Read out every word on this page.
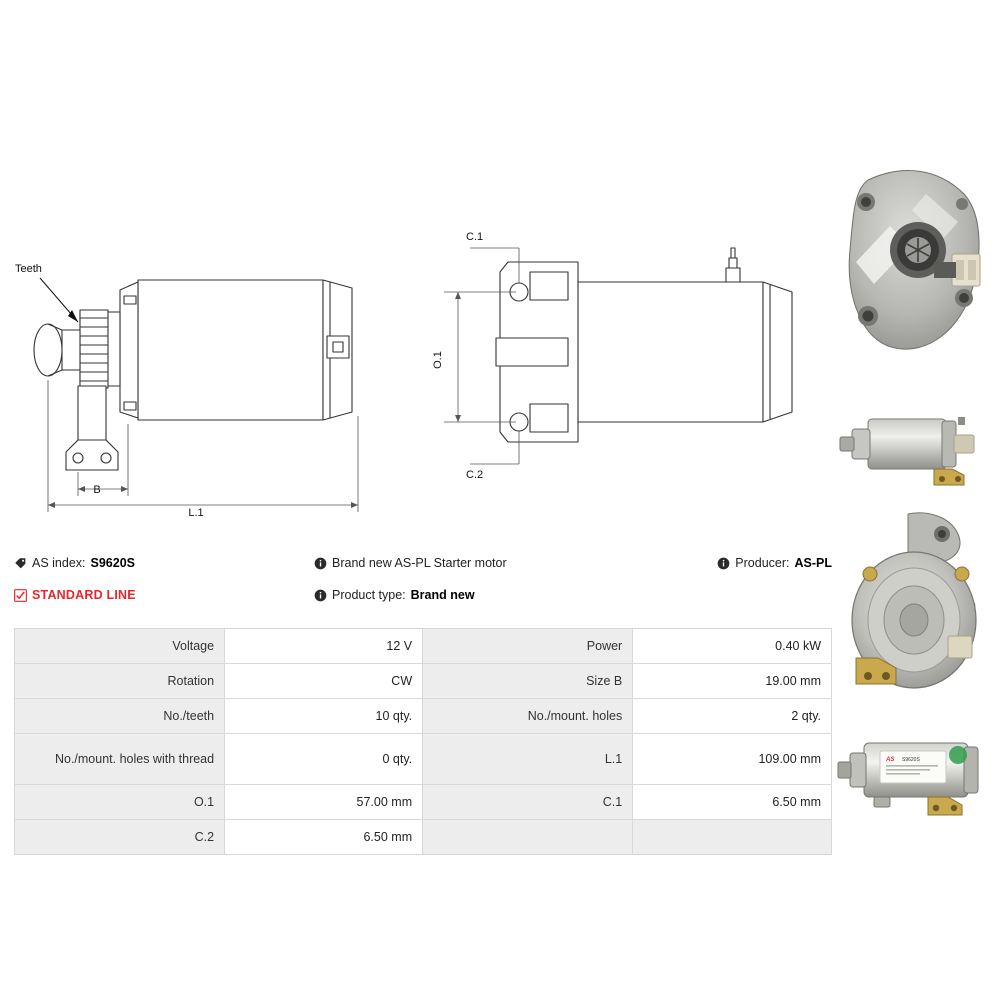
Teeth
B
L.1
C.1
C.2
O.1
AS index: S9620S	Brand new AS-PL Starter motor	Producer: AS-PL
STANDARD LINE	Product type: Brand new
Voltage	12 V	Power	0.40 kW
Rotation	CW	Size B	19.00 mm
No./teeth	10 qty.	No./mount. holes	2 qty.
No./mount. holes with thread	0 qty.	L.1	109.00 mm
O.1	57.00 mm	C.1	6.50 mm
C.2	6.50 mm		
AS S9620S
